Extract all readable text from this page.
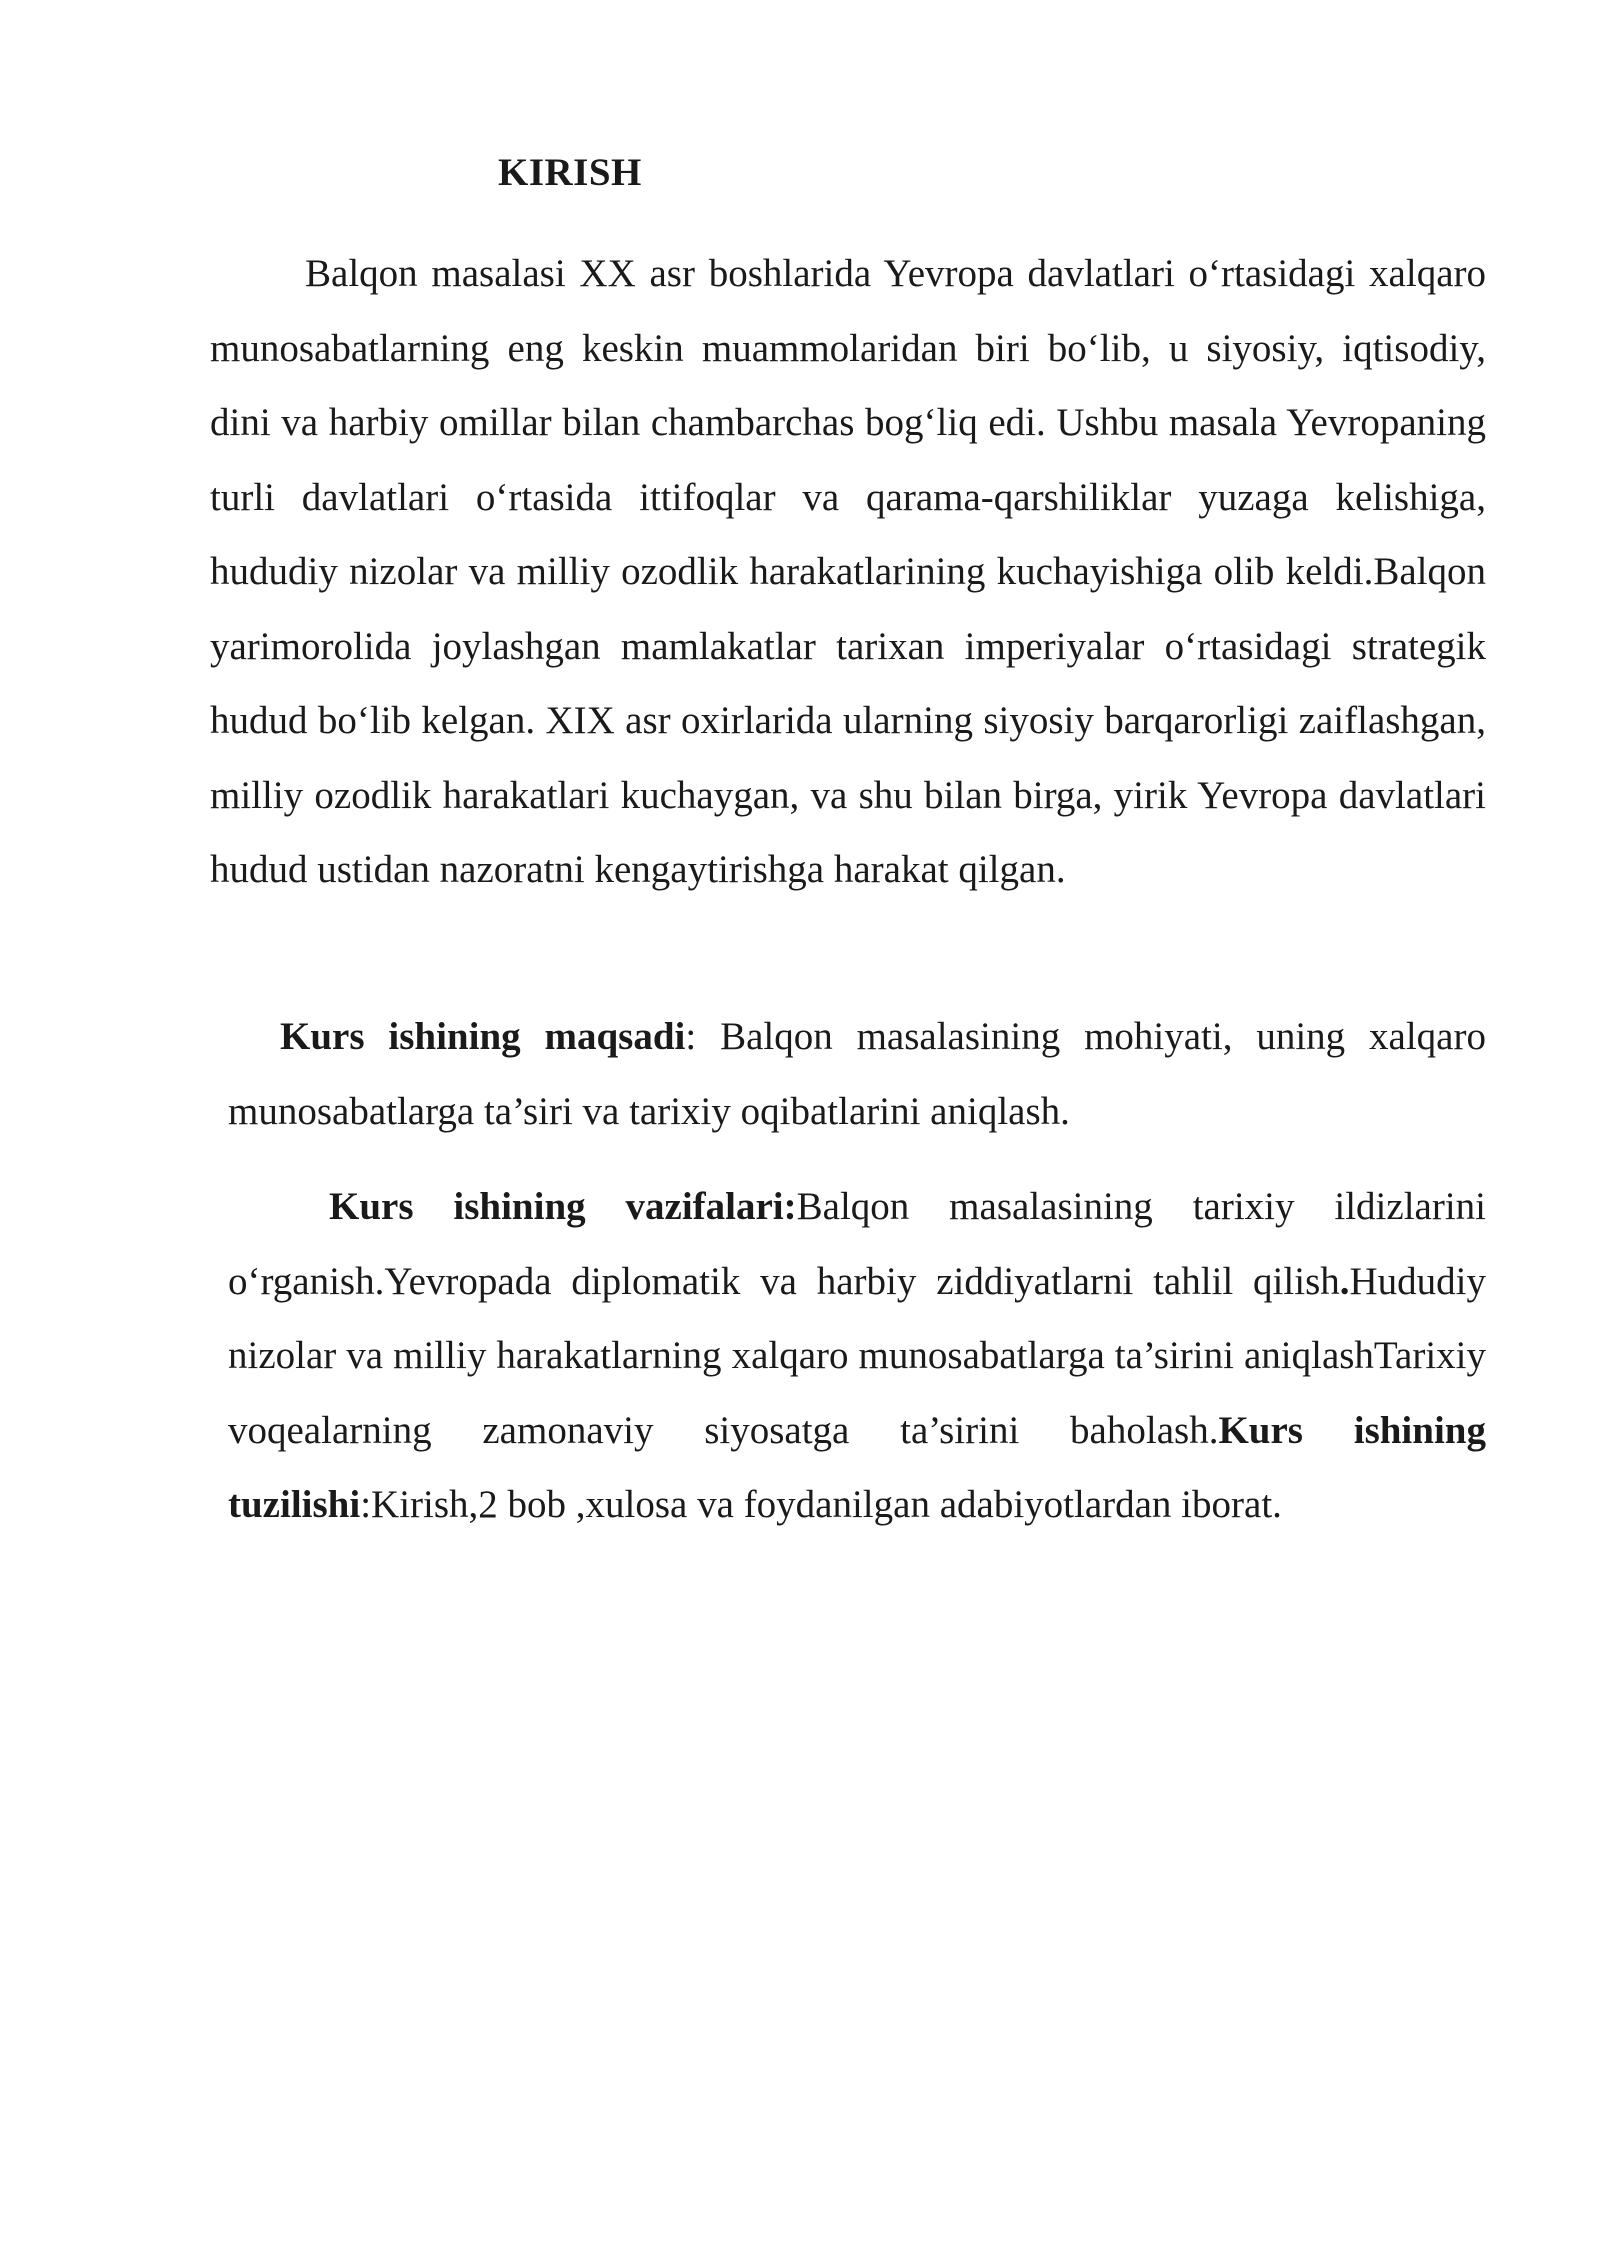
KIRISH

Balqon masalasi XX asr boshlarida Yevropa davlatlari o‘rtasidagi xalqaro munosabatlarning eng keskin muammolaridan biri bo‘lib, u siyosiy, iqtisodiy, dini va harbiy omillar bilan chambarchas bog‘liq edi. Ushbu masala Yevropaning turli davlatlari o‘rtasida ittifoqlar va qarama-qarshiliklar yuzaga kelishiga, hududiy nizolar va milliy ozodlik harakatlarining kuchayishiga olib keldi.Balqon yarimorolida joylashgan mamlakatlar tarixan imperiyalar o‘rtasidagi strategik hudud bo‘lib kelgan. XIX asr oxirlarida ularning siyosiy barqarorligi zaiflashgan, milliy ozodlik harakatlari kuchaygan, va shu bilan birga, yirik Yevropa davlatlari hudud ustidan nazoratni kengaytirishga harakat qilgan.

Kurs ishining maqsadi: Balqon masalasining mohiyati, uning xalqaro munosabatlarga ta’siri va tarixiy oqibatlarini aniqlash.

Kurs ishining vazifalari:Balqon masalasining tarixiy ildizlarini o‘rganish.Yevropada diplomatik va harbiy ziddiyatlarni tahlil qilish.Hududiy nizolar va milliy harakatlarning xalqaro munosabatlarga ta’sirini aniqlashTarixiy voqealarning zamonaviy siyosatga ta’sirini baholash.Kurs ishining tuzilishi:Kirish,2 bob ,xulosa va foydanilgan adabiyotlardan iborat.
